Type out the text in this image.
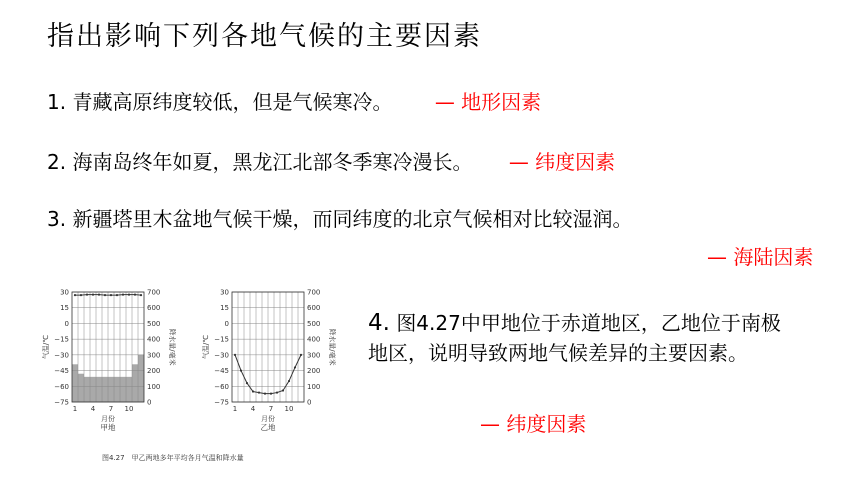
指出影响下列各地气候的主要因素
1. 青藏高原纬度较低，但是气候寒冷。 — 地形因素
2. 海南岛终年如夏，黑龙江北部冬季寒冷漫长。 — 纬度因素
3. 新疆塔里木盆地气候干燥，而同纬度的北京气候相对比较湿润。
— 海陆因素
4. 图4.27中甲地位于赤道地区，乙地位于南极地区，说明导致两地气候差异的主要因素。
— 纬度因素
30
15
0
−15
−30
−45
−60
−75
700
600
500
400
300
200
100
0
1 4 7 10
气温/℃	降水量/毫米
月份
甲地
30
15
0
−15
−30
−45
−60
−75
700
600
500
400
300
200
100
0
1 4 7 10
气温/℃	降水量/毫米
月份
乙地
图4.27　甲乙两地多年平均各月气温和降水量
